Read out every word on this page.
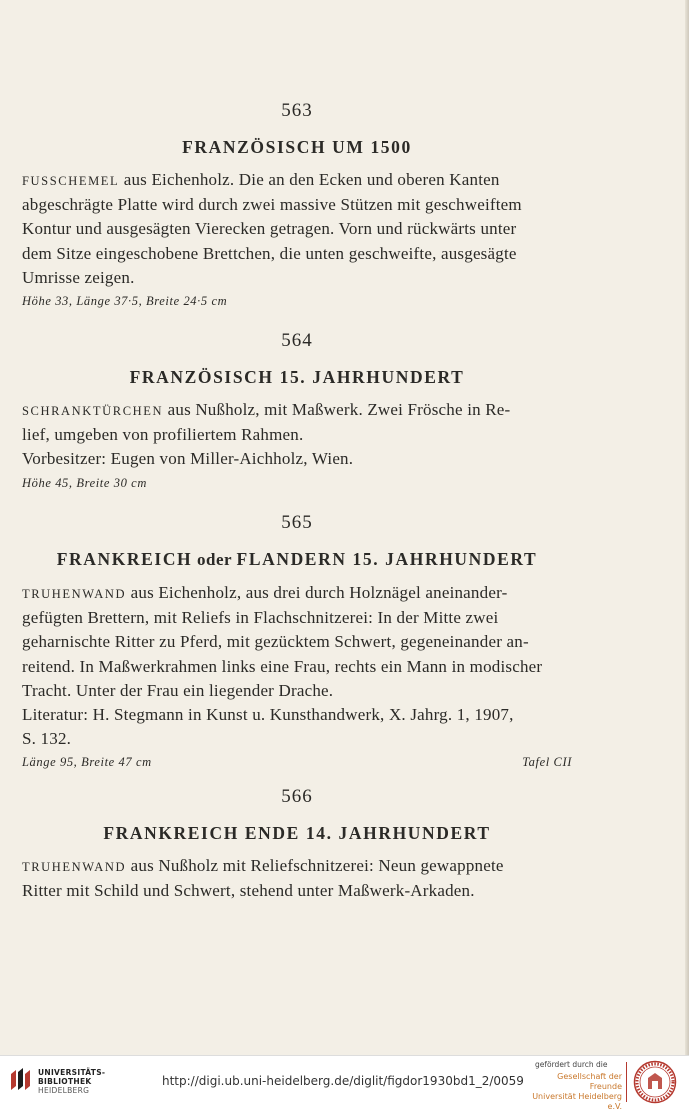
563

FRANZÖSISCH UM 1500

FUSSCHEMEL aus Eichenholz. Die an den Ecken und oberen Kanten
abgeschrägte Platte wird durch zwei massive Stützen mit geschweiftem
Kontur und ausgesägten Vierecken getragen. Vorn und rückwärts unter
dem Sitze eingeschobene Brettchen, die unten geschweifte, ausgesägte
Umrisse zeigen.

Höhe 33, Länge 37·5, Breite 24·5 cm

564

FRANZÖSISCH 15. JAHRHUNDERT

SCHRANKTÜRCHEN aus Nußholz, mit Maßwerk. Zwei Frösche in Re-
lief, umgeben von profiliertem Rahmen.
Vorbesitzer: Eugen von Miller-Aichholz, Wien.

Höhe 45, Breite 30 cm

565

FRANKREICH oder FLANDERN 15. JAHRHUNDERT

TRUHENWAND aus Eichenholz, aus drei durch Holznägel aneinander-
gefügten Brettern, mit Reliefs in Flachschnitzerei: In der Mitte zwei
geharnischte Ritter zu Pferd, mit gezücktem Schwert, gegeneinander an-
reitend. In Maßwerkrahmen links eine Frau, rechts ein Mann in modischer
Tracht. Unter der Frau ein liegender Drache.
Literatur: H. Stegmann in Kunst u. Kunsthandwerk, X. Jahrg. 1, 1907,
S. 132.

Länge 95, Breite 47 cm	Tafel CII

566

FRANKREICH ENDE 14. JAHRHUNDERT

TRUHENWAND aus Nußholz mit Reliefschnitzerei: Neun gewappnete
Ritter mit Schild und Schwert, stehend unter Maßwerk-Arkaden.

UNIVERSITÄTS-
BIBLIOTHEK
HEIDELBERG
http://digi.ub.uni-heidelberg.de/diglit/figdor1930bd1_2/0059
gefördert durch die
Gesellschaft der Freunde
Universität Heidelberg e.V.
